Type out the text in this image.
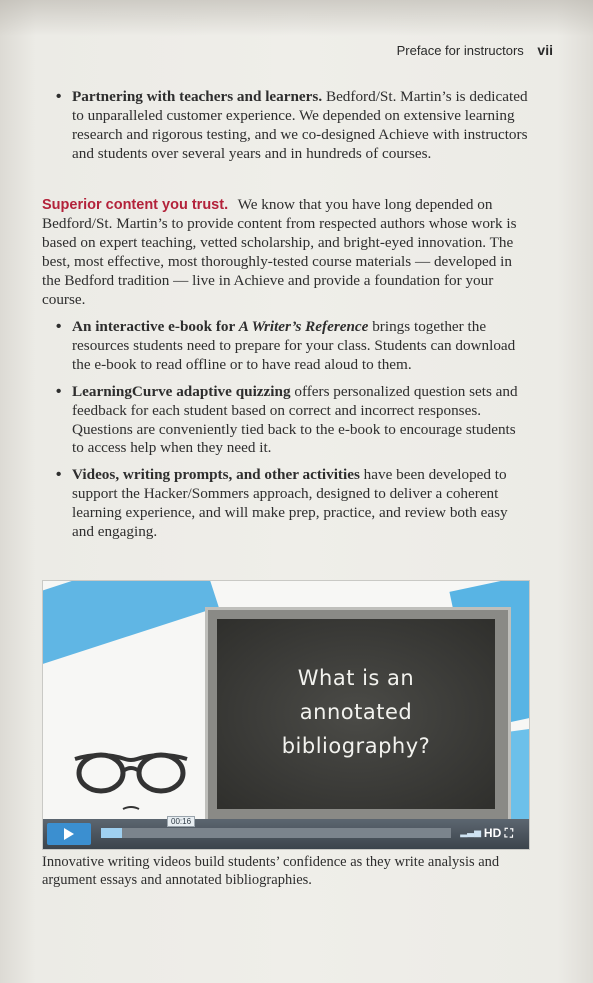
Preface for instructors vii
• Partnering with teachers and learners. Bedford/St. Martin’s is dedicated to unparalleled customer experience. We depended on extensive learning research and rigorous testing, and we co-designed Achieve with instructors and students over several years and in hundreds of courses.
Superior content you trust. We know that you have long depended on Bedford/St. Martin’s to provide content from respected authors whose work is based on expert teaching, vetted scholarship, and bright-eyed innovation. The best, most effective, most thoroughly-tested course materials — developed in the Bedford tradition — live in Achieve and provide a foundation for your course.
• An interactive e-book for A Writer’s Reference brings together the resources students need to prepare for your class. Students can download the e-book to read offline or to have read aloud to them.
• LearningCurve adaptive quizzing offers personalized question sets and feedback for each student based on correct and incorrect responses. Questions are conveniently tied back to the e-book to encourage students to access help when they need it.
• Videos, writing prompts, and other activities have been developed to support the Hacker/Sommers approach, designed to deliver a coherent learning experience, and will make prep, practice, and review both easy and engaging.
What is an
annotated
bibliography?
00:16
▂▃▅ HD ⛶
Innovative writing videos build students’ confidence as they write analysis and argument essays and annotated bibliographies.
